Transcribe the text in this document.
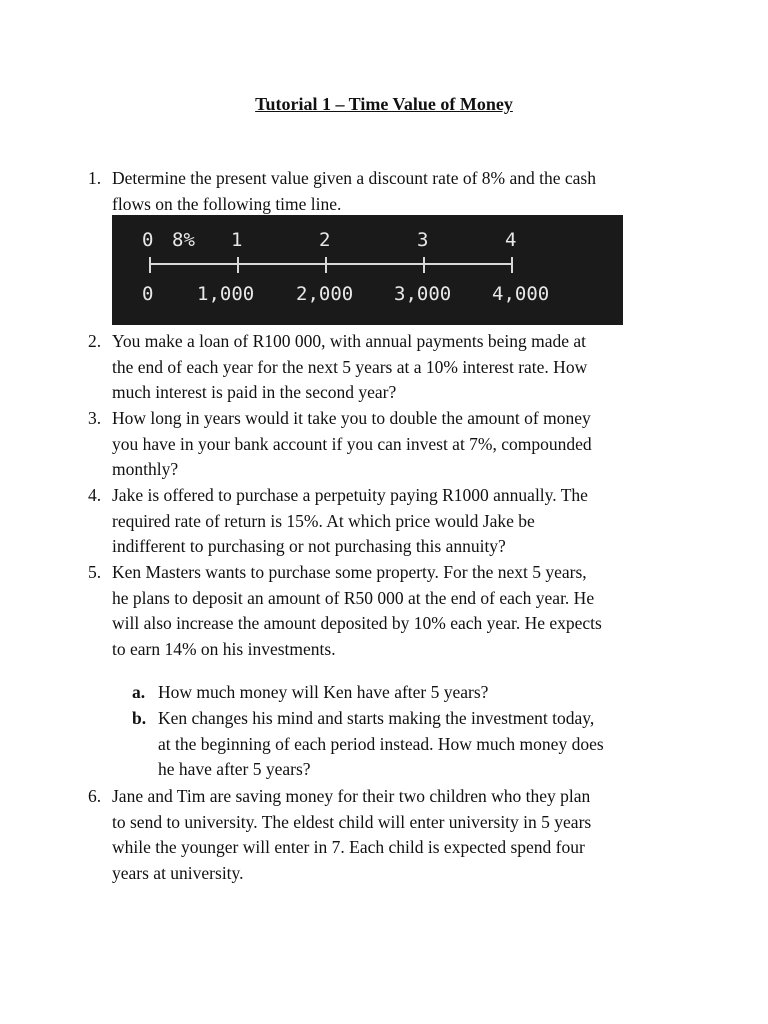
Tutorial 1 – Time Value of Money
1. Determine the present value given a discount rate of 8% and the cash
flows on the following time line.
0 8% 1	2	3	4
0 1,000 2,000 3,000 4,000
2. You make a loan of R100 000, with annual payments being made at
the end of each year for the next 5 years at a 10% interest rate. How
much interest is paid in the second year?
3. How long in years would it take you to double the amount of money
you have in your bank account if you can invest at 7%, compounded
monthly?
4. Jake is offered to purchase a perpetuity paying R1000 annually. The
required rate of return is 15%. At which price would Jake be
indifferent to purchasing or not purchasing this annuity?
5. Ken Masters wants to purchase some property. For the next 5 years,
he plans to deposit an amount of R50 000 at the end of each year. He
will also increase the amount deposited by 10% each year. He expects
to earn 14% on his investments.
a. How much money will Ken have after 5 years?
b. Ken changes his mind and starts making the investment today,
at the beginning of each period instead. How much money does
he have after 5 years?
6. Jane and Tim are saving money for their two children who they plan
to send to university. The eldest child will enter university in 5 years
while the younger will enter in 7. Each child is expected spend four
years at university.
